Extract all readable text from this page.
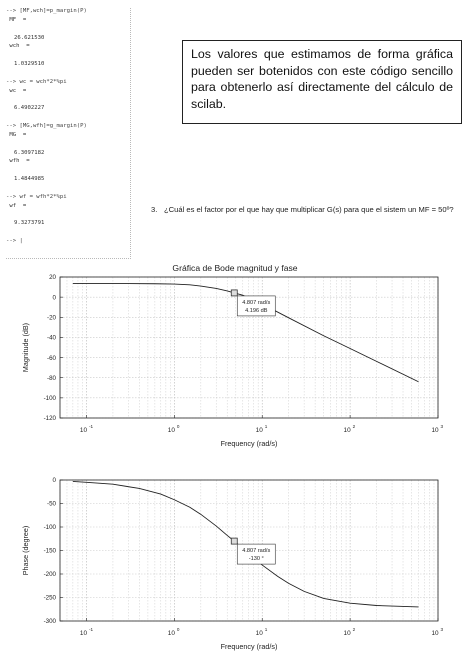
--> [MF,wch]=p_margin(P)
MF  =
26.621530
wch  =
1.0329510
--> wc = wch*2*%pi
wc  =
6.4902227
--> [MG,wfh]=g_margin(P)
MG  =
6.3097182
wfh  =
1.4844985
--> wf = wfh*2*%pi
wf  =
9.3273791
--> |
Los valores que estimamos de forma gráfica pueden ser botenidos con este código sencillo para obtenerlo así directamente del cálculo de scilab.
3. ¿Cuál es el factor por el que hay que multiplicar G(s) para que el sistem un MF = 50º?
Gráfica de Bode magnitud y fase
20
0
-20
-40
-60
-80
-100
-120
10
-1
10
0
10
1
10
2
10
3
Frequency (rad/s)
Magnitude (dB)
4.807 rad/s
4.196 dB
0
-50
-100
-150
-200
-250
-300
10
-1
10
0
10
1
10
2
10
3
Frequency (rad/s)
Phase (degree)	4.807 rad/s
-130 °
